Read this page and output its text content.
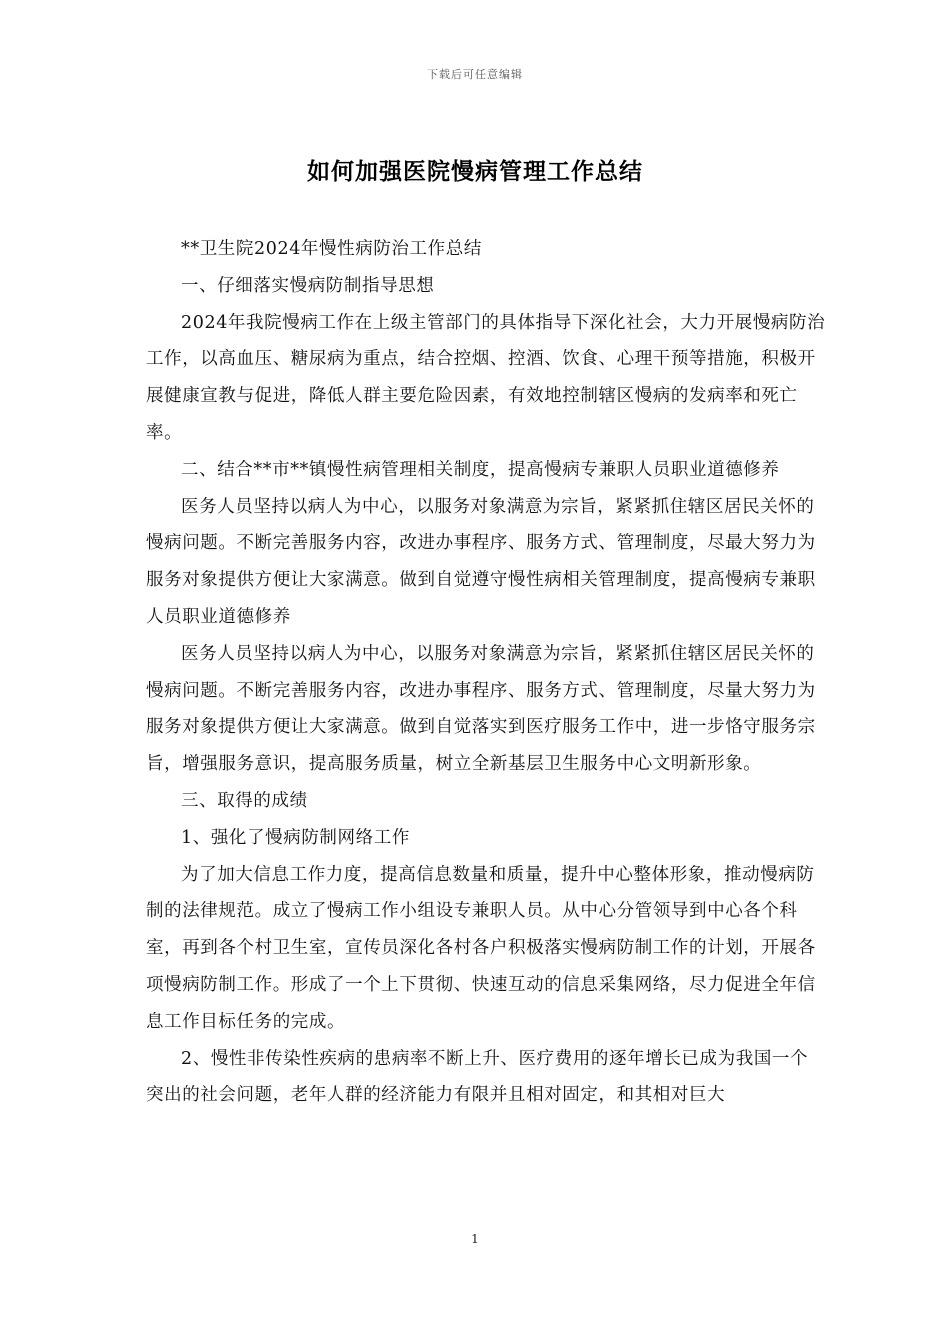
下载后可任意编辑
如何加强医院慢病管理工作总结

**卫生院2024年慢性病防治工作总结

一、仔细落实慢病防制指导思想

2024年我院慢病工作在上级主管部门的具体指导下深化社会，大力开展慢病防治工作，以高血压、糖尿病为重点，结合控烟、控酒、饮食、心理干预等措施，积极开展健康宣教与促进，降低人群主要危险因素，有效地控制辖区慢病的发病率和死亡率。

二、结合**市**镇慢性病管理相关制度，提高慢病专兼职人员职业道德修养

医务人员坚持以病人为中心，以服务对象满意为宗旨，紧紧抓住辖区居民关怀的慢病问题。不断完善服务内容，改进办事程序、服务方式、管理制度，尽最大努力为服务对象提供方便让大家满意。做到自觉遵守慢性病相关管理制度，提高慢病专兼职人员职业道德修养

医务人员坚持以病人为中心，以服务对象满意为宗旨，紧紧抓住辖区居民关怀的慢病问题。不断完善服务内容，改进办事程序、服务方式、管理制度，尽量大努力为服务对象提供方便让大家满意。做到自觉落实到医疗服务工作中，进一步恪守服务宗旨，增强服务意识，提高服务质量，树立全新基层卫生服务中心文明新形象。

三、取得的成绩

1、强化了慢病防制网络工作

为了加大信息工作力度，提高信息数量和质量，提升中心整体形象，推动慢病防制的法律规范。成立了慢病工作小组设专兼职人员。从中心分管领导到中心各个科室，再到各个村卫生室，宣传员深化各村各户积极落实慢病防制工作的计划，开展各项慢病防制工作。形成了一个上下贯彻、快速互动的信息采集网络，尽力促进全年信息工作目标任务的完成。

2、慢性非传染性疾病的患病率不断上升、医疗费用的逐年增长已成为我国一个突出的社会问题，老年人群的经济能力有限并且相对固定，和其相对巨大

1
